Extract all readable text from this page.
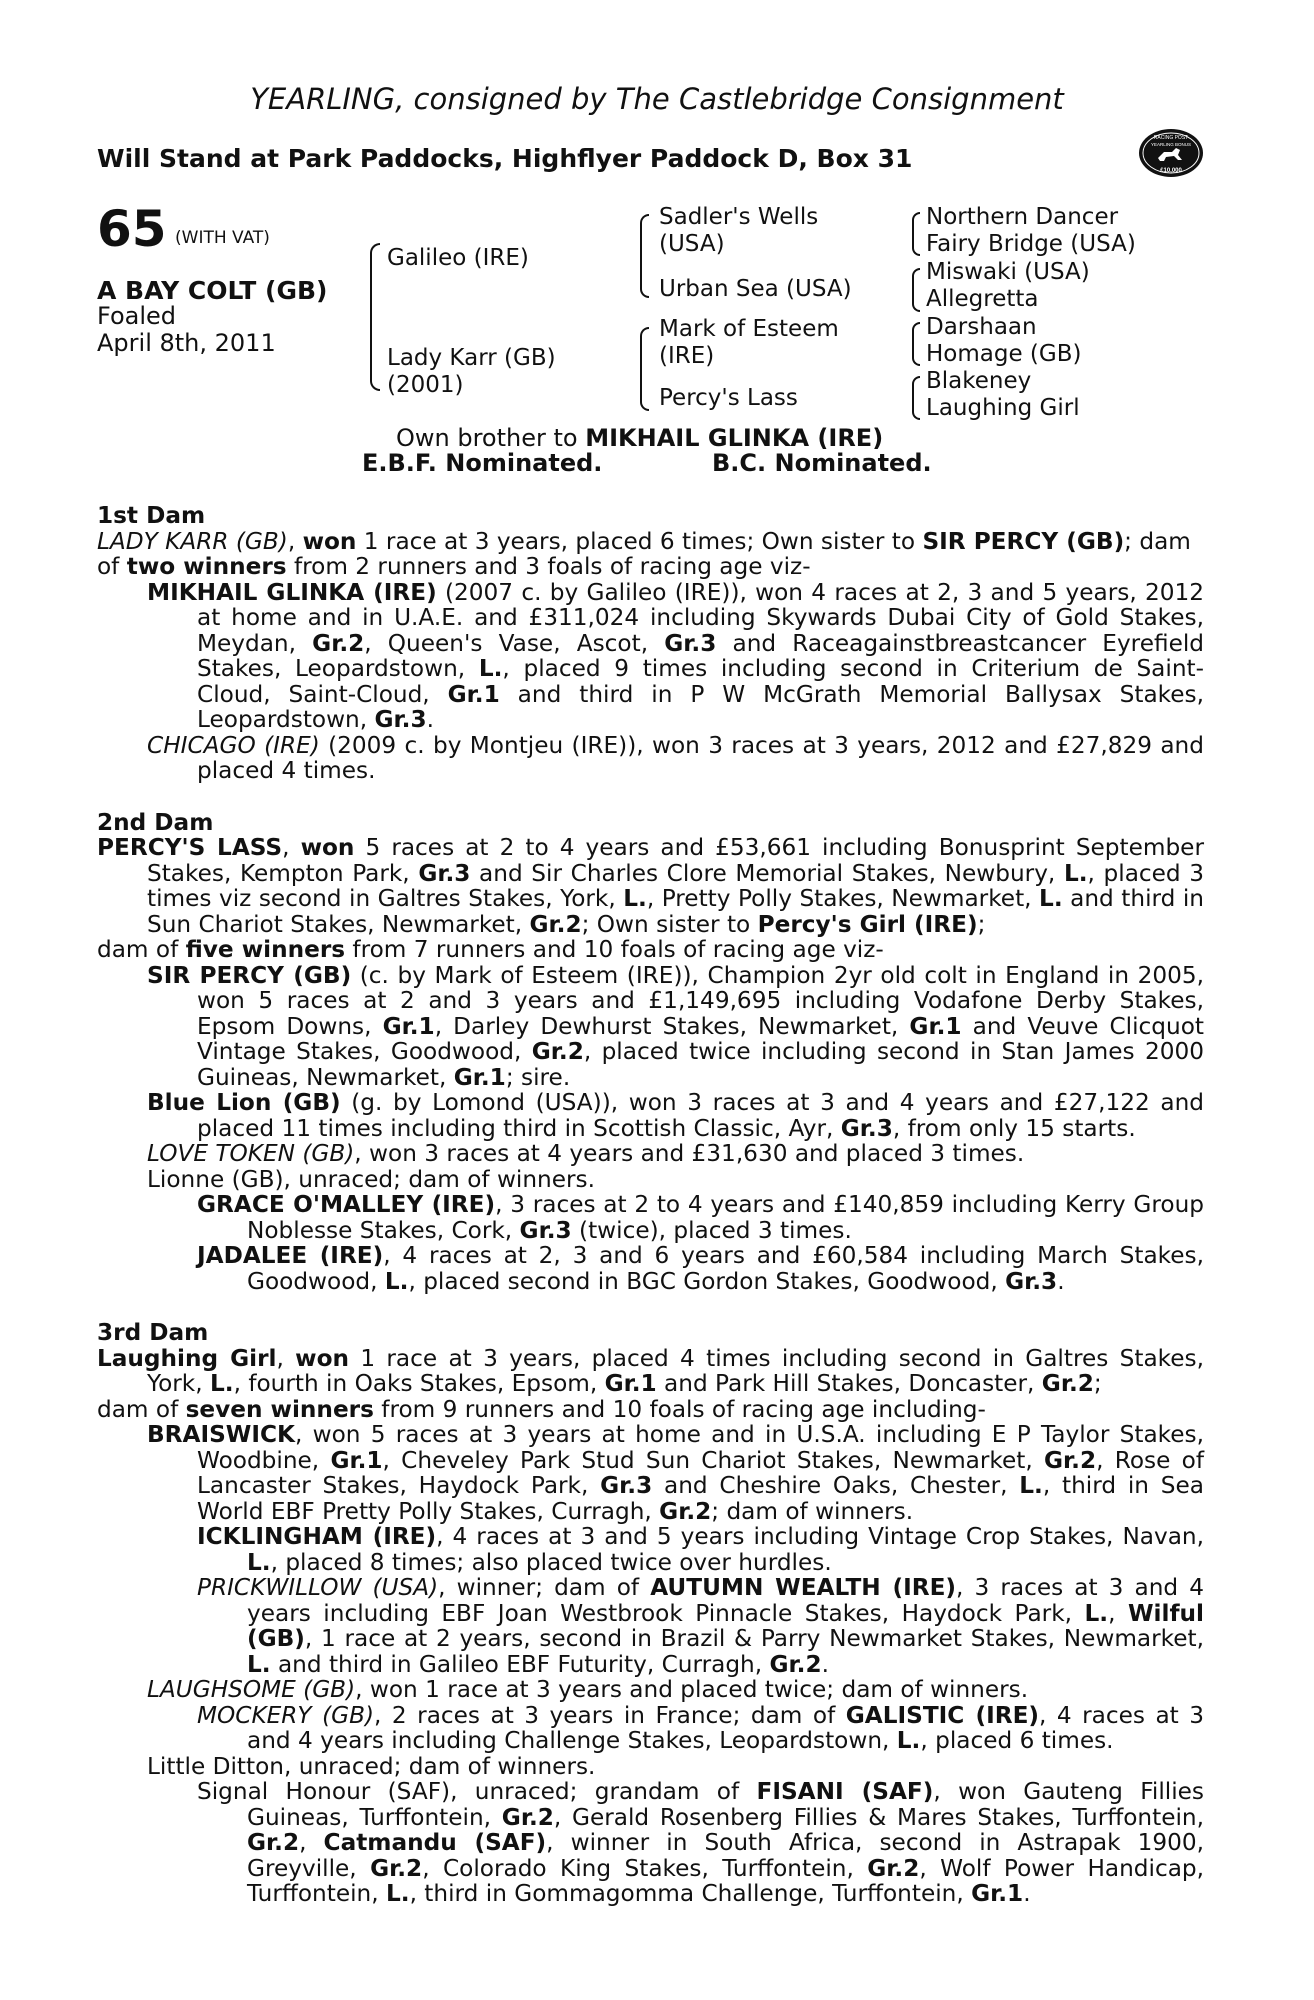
YEARLING, consigned by The Castlebridge Consignment
Will Stand at Park Paddocks, Highflyer Paddock D, Box 31
RACING POST
YEARLING BONUS
£10,000
65 (WITH VAT)
A BAY COLT (GB)
Foaled
April 8th, 2011
Galileo (IRE)
Lady Karr (GB)
(2001)
Sadler's Wells
(USA)
Urban Sea (USA)
Mark of Esteem
(IRE)
Percy's Lass
Northern Dancer
Fairy Bridge (USA)
Miswaki (USA)
Allegretta
Darshaan
Homage (GB)
Blakeney
Laughing Girl
Own brother to MIKHAIL GLINKA (IRE)
E.B.F. Nominated.	B.C. Nominated.
1st Dam
LADY KARR (GB), won 1 race at 3 years, placed 6 times; Own sister to SIR PERCY (GB); dam of two winners from 2 runners and 3 foals of racing age viz-
MIKHAIL GLINKA (IRE) (2007 c. by Galileo (IRE)), won 4 races at 2, 3 and 5 years, 2012 at home and in U.A.E. and £311,024 including Skywards Dubai City of Gold Stakes, Meydan, Gr.2, Queen's Vase, Ascot, Gr.3 and Raceagainstbreastcancer Eyrefield Stakes, Leopardstown, L., placed 9 times including second in Criterium de Saint-Cloud, Saint-Cloud, Gr.1 and third in P W McGrath Memorial Ballysax Stakes, Leopardstown, Gr.3.
CHICAGO (IRE) (2009 c. by Montjeu (IRE)), won 3 races at 3 years, 2012 and £27,829 and placed 4 times.
2nd Dam
PERCY'S LASS, won 5 races at 2 to 4 years and £53,661 including Bonusprint September Stakes, Kempton Park, Gr.3 and Sir Charles Clore Memorial Stakes, Newbury, L., placed 3 times viz second in Galtres Stakes, York, L., Pretty Polly Stakes, Newmarket, L. and third in Sun Chariot Stakes, Newmarket, Gr.2; Own sister to Percy's Girl (IRE);
dam of five winners from 7 runners and 10 foals of racing age viz-
SIR PERCY (GB) (c. by Mark of Esteem (IRE)), Champion 2yr old colt in England in 2005, won 5 races at 2 and 3 years and £1,149,695 including Vodafone Derby Stakes, Epsom Downs, Gr.1, Darley Dewhurst Stakes, Newmarket, Gr.1 and Veuve Clicquot Vintage Stakes, Goodwood, Gr.2, placed twice including second in Stan James 2000 Guineas, Newmarket, Gr.1; sire.
Blue Lion (GB) (g. by Lomond (USA)), won 3 races at 3 and 4 years and £27,122 and placed 11 times including third in Scottish Classic, Ayr, Gr.3, from only 15 starts.
LOVE TOKEN (GB), won 3 races at 4 years and £31,630 and placed 3 times.
Lionne (GB), unraced; dam of winners.
GRACE O'MALLEY (IRE), 3 races at 2 to 4 years and £140,859 including Kerry Group Noblesse Stakes, Cork, Gr.3 (twice), placed 3 times.
JADALEE (IRE), 4 races at 2, 3 and 6 years and £60,584 including March Stakes, Goodwood, L., placed second in BGC Gordon Stakes, Goodwood, Gr.3.
3rd Dam
Laughing Girl, won 1 race at 3 years, placed 4 times including second in Galtres Stakes, York, L., fourth in Oaks Stakes, Epsom, Gr.1 and Park Hill Stakes, Doncaster, Gr.2;
dam of seven winners from 9 runners and 10 foals of racing age including-
BRAISWICK, won 5 races at 3 years at home and in U.S.A. including E P Taylor Stakes, Woodbine, Gr.1, Cheveley Park Stud Sun Chariot Stakes, Newmarket, Gr.2, Rose of Lancaster Stakes, Haydock Park, Gr.3 and Cheshire Oaks, Chester, L., third in Sea World EBF Pretty Polly Stakes, Curragh, Gr.2; dam of winners.
ICKLINGHAM (IRE), 4 races at 3 and 5 years including Vintage Crop Stakes, Navan, L., placed 8 times; also placed twice over hurdles.
PRICKWILLOW (USA), winner; dam of AUTUMN WEALTH (IRE), 3 races at 3 and 4 years including EBF Joan Westbrook Pinnacle Stakes, Haydock Park, L., Wilful (GB), 1 race at 2 years, second in Brazil & Parry Newmarket Stakes, Newmarket, L. and third in Galileo EBF Futurity, Curragh, Gr.2.
LAUGHSOME (GB), won 1 race at 3 years and placed twice; dam of winners.
MOCKERY (GB), 2 races at 3 years in France; dam of GALISTIC (IRE), 4 races at 3 and 4 years including Challenge Stakes, Leopardstown, L., placed 6 times.
Little Ditton, unraced; dam of winners.
Signal Honour (SAF), unraced; grandam of FISANI (SAF), won Gauteng Fillies Guineas, Turffontein, Gr.2, Gerald Rosenberg Fillies & Mares Stakes, Turffontein, Gr.2, Catmandu (SAF), winner in South Africa, second in Astrapak 1900, Greyville, Gr.2, Colorado King Stakes, Turffontein, Gr.2, Wolf Power Handicap, Turffontein, L., third in Gommagomma Challenge, Turffontein, Gr.1.
